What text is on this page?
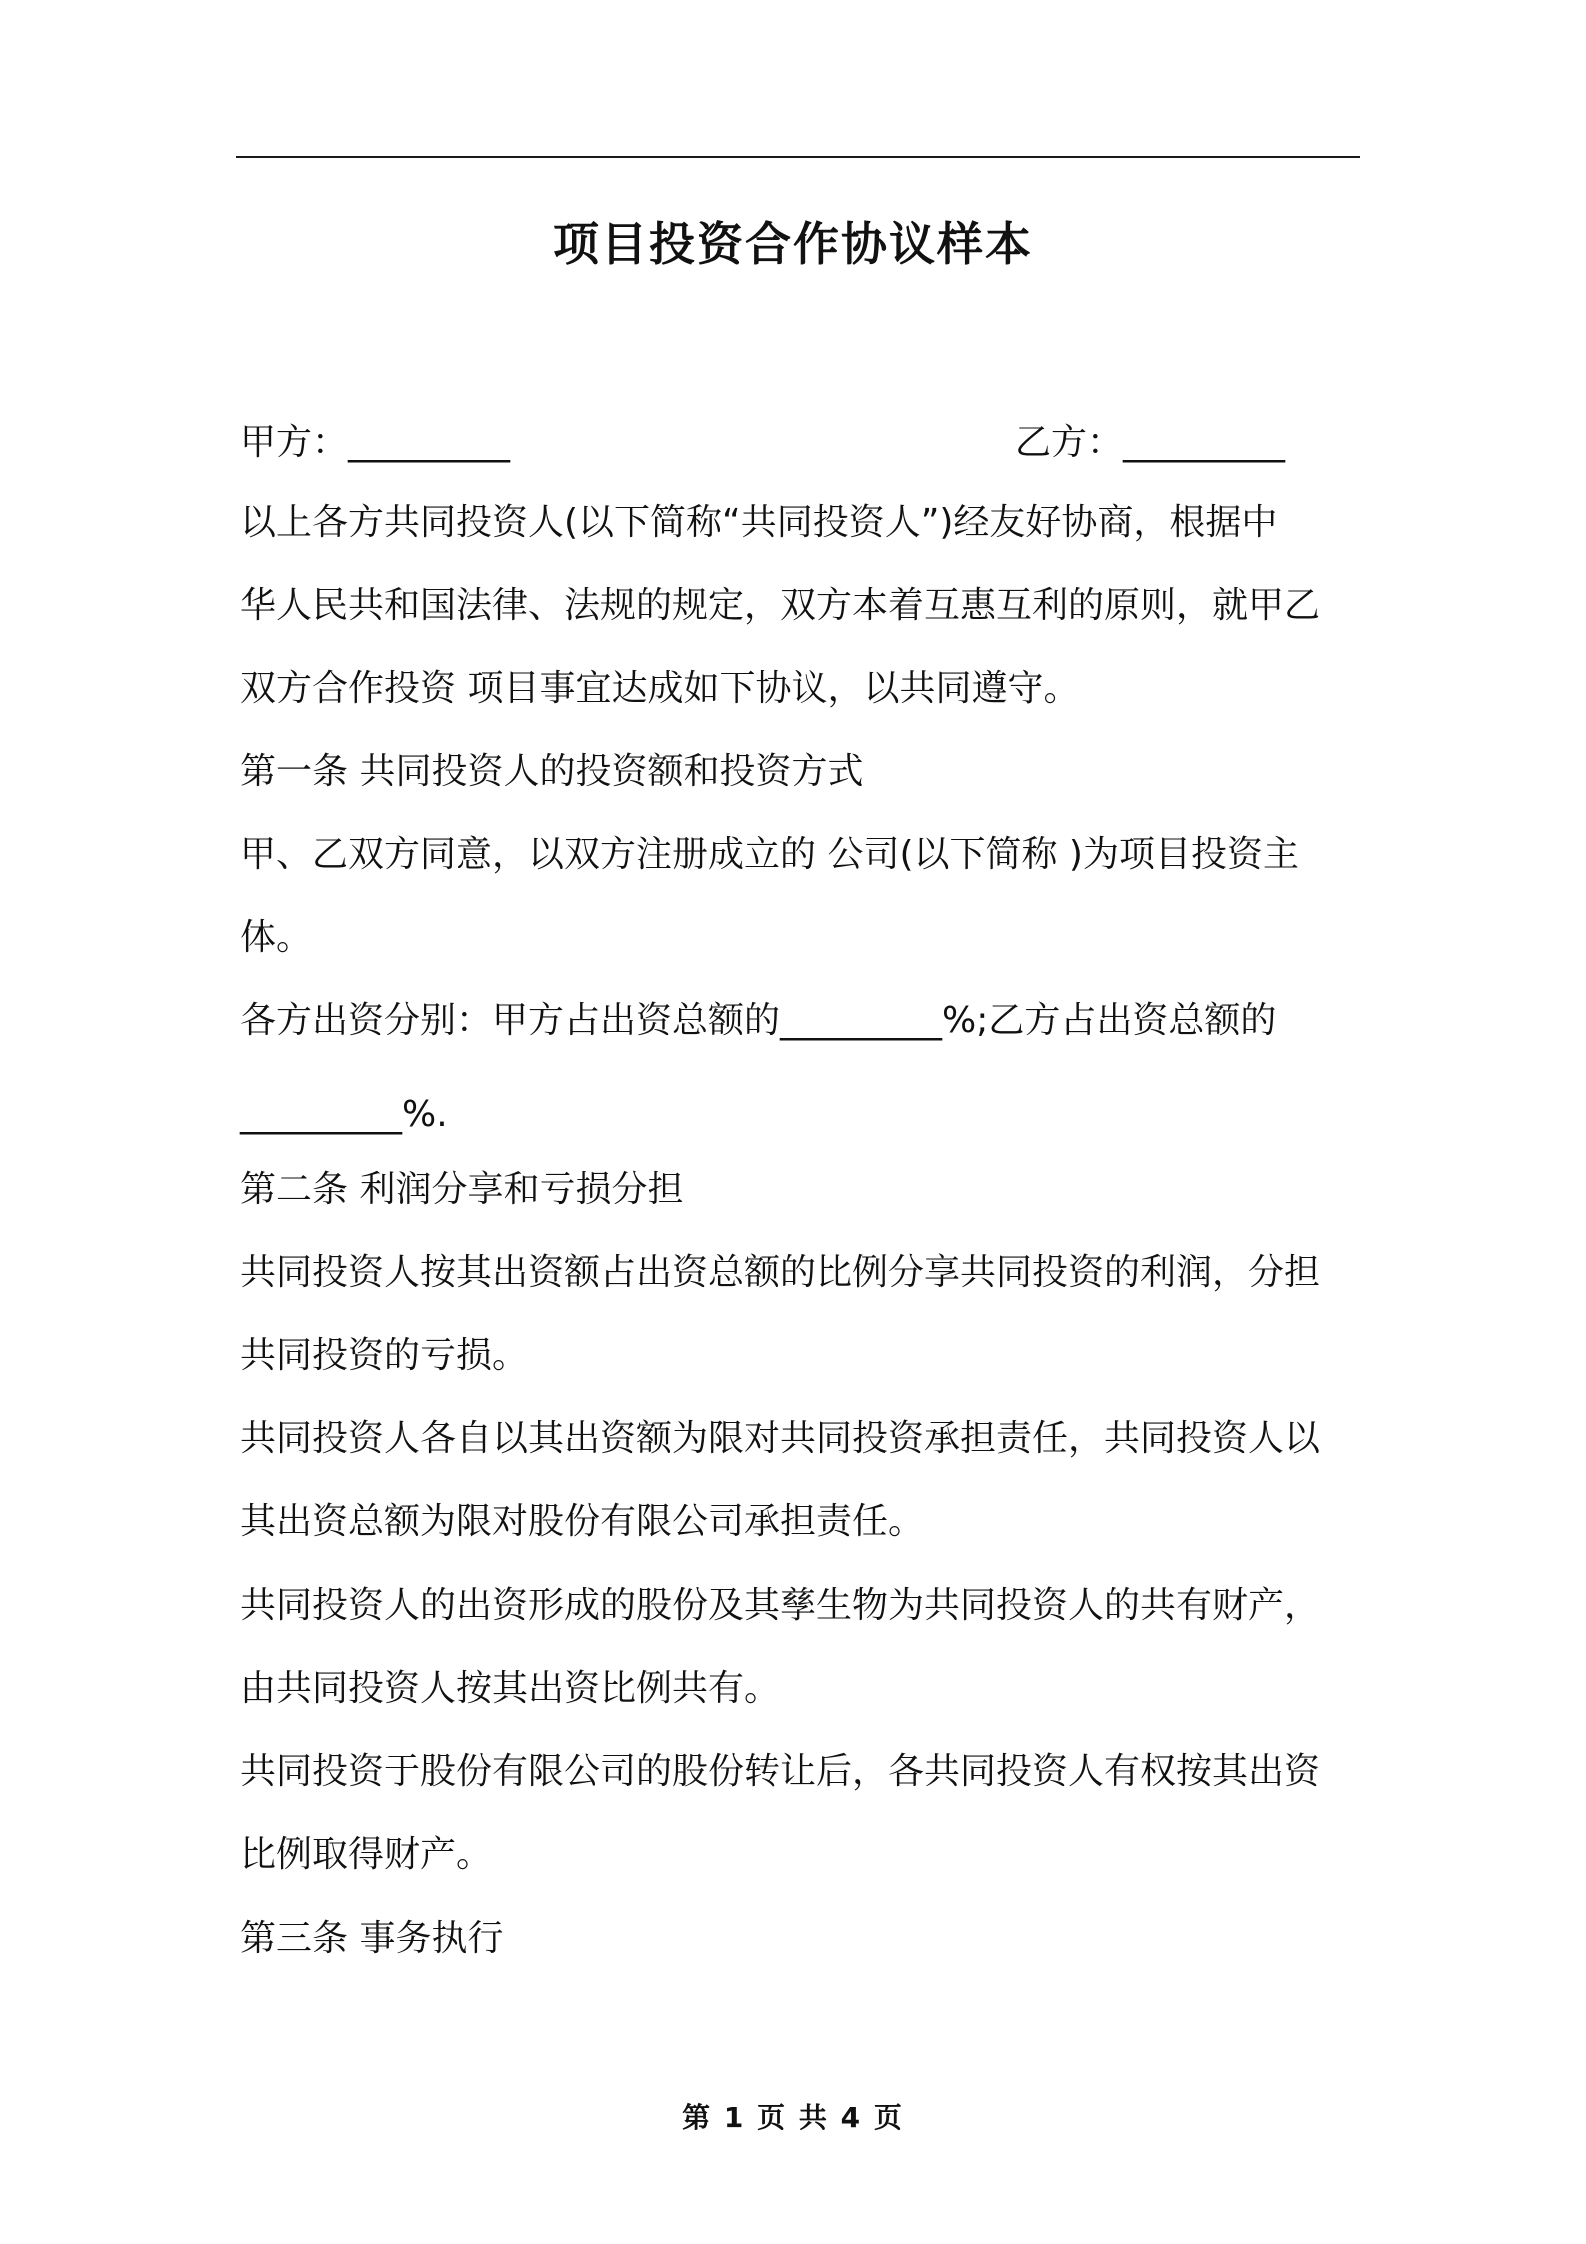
项目投资合作协议样本
甲方：_________	乙方：_________
以上各方共同投资人(以下简称“共同投资人”)经友好协商，根据中
华人民共和国法律、法规的规定，双方本着互惠互利的原则，就甲乙
双方合作投资 项目事宜达成如下协议，以共同遵守。
第一条 共同投资人的投资额和投资方式
甲、乙双方同意，以双方注册成立的 公司(以下简称 )为项目投资主
体。
各方出资分别：甲方占出资总额的_________%;乙方占出资总额的
_________%.
第二条 利润分享和亏损分担
共同投资人按其出资额占出资总额的比例分享共同投资的利润，分担
共同投资的亏损。
共同投资人各自以其出资额为限对共同投资承担责任，共同投资人以
其出资总额为限对股份有限公司承担责任。
共同投资人的出资形成的股份及其孳生物为共同投资人的共有财产，
由共同投资人按其出资比例共有。
共同投资于股份有限公司的股份转让后，各共同投资人有权按其出资
比例取得财产。
第三条 事务执行
第 1 页 共 4 页
